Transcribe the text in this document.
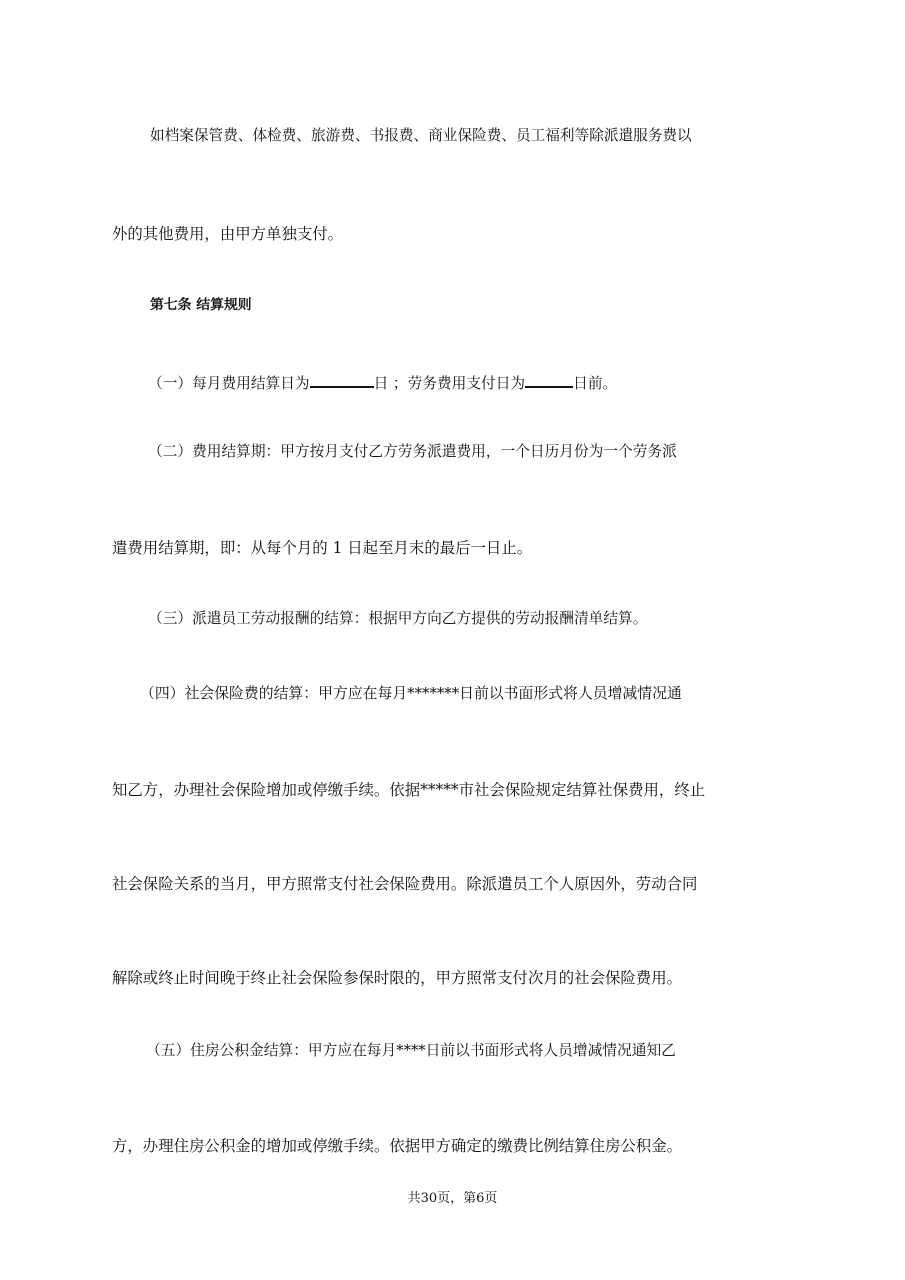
如档案保管费、体检费、旅游费、书报费、商业保险费、员工福利等除派遣服务费以
外的其他费用，由甲方单独支付。
第七条 结算规则
（一）每月费用结算日为	日 ；劳务费用支付日为	日前。
（二）费用结算期：甲方按月支付乙方劳务派遣费用，一个日历月份为一个劳务派
遣费用结算期，即：从每个月的 1 日起至月末的最后一日止。
（三）派遣员工劳动报酬的结算：根据甲方向乙方提供的劳动报酬清单结算。
（四）社会保险费的结算：甲方应在每月*******日前以书面形式将人员增减情况通
知乙方，办理社会保险增加或停缴手续。依据*****市社会保险规定结算社保费用，终止
社会保险关系的当月，甲方照常支付社会保险费用。除派遣员工个人原因外，劳动合同
解除或终止时间晚于终止社会保险参保时限的，甲方照常支付次月的社会保险费用。
（五）住房公积金结算：甲方应在每月****日前以书面形式将人员增减情况通知乙
方，办理住房公积金的增加或停缴手续。依据甲方确定的缴费比例结算住房公积金。
共30页，第6页
